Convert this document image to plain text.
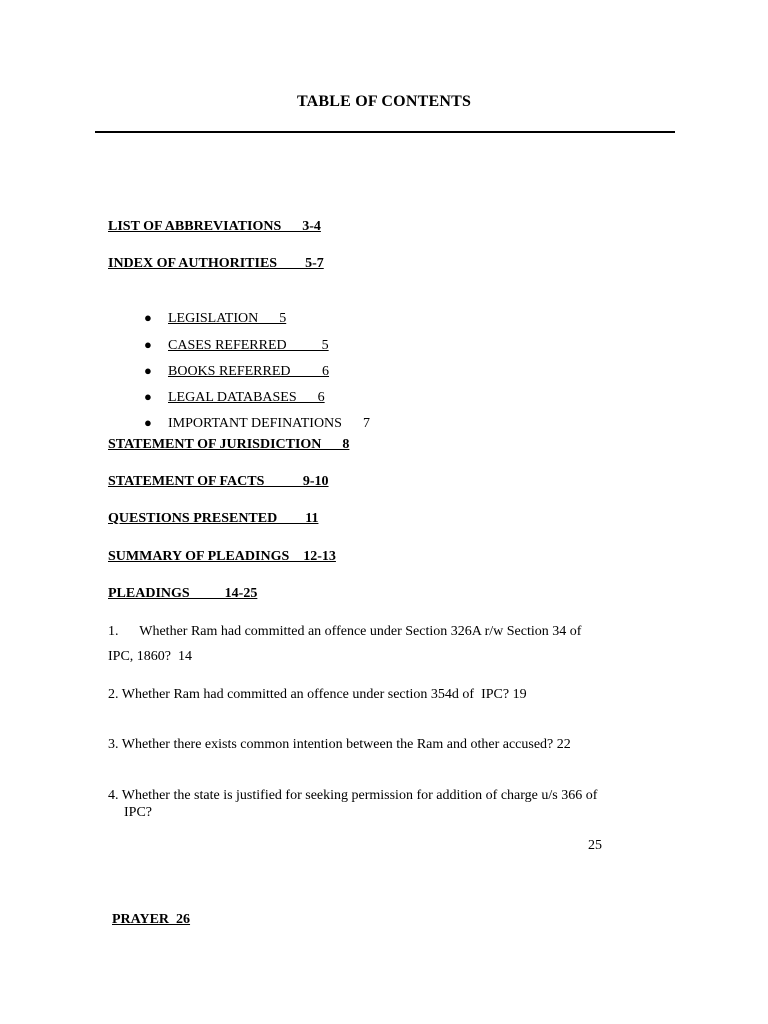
TABLE OF CONTENTS
LIST OF ABBREVIATIONS      3-4
INDEX OF AUTHORITIES        5-7

● LEGISLATION      5

● CASES REFERRED          5

● BOOKS REFERRED         6

● LEGAL DATABASES      6

● IMPORTANT DEFINATIONS      7

STATEMENT OF JURISDICTION      8
STATEMENT OF FACTS           9-10
QUESTIONS PRESENTED        11
SUMMARY OF PLEADINGS    12-13
PLEADINGS          14-25
1.      Whether Ram had committed an offence under Section 326A r/w Section 34 of
IPC, 1860?  14
2. Whether Ram had committed an offence under section 354d of  IPC? 19
3. Whether there exists common intention between the Ram and other accused? 22
4. Whether the state is justified for seeking permission for addition of charge u/s 366 of
IPC?
25
PRAYER  26
